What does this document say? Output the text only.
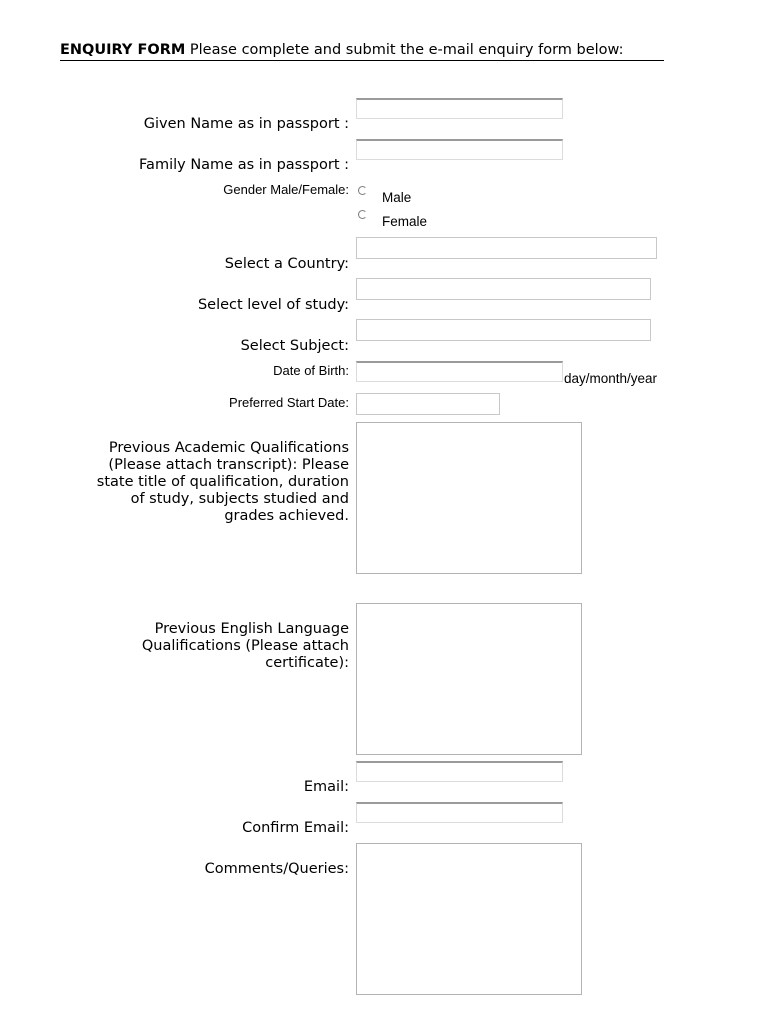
ENQUIRY FORM Please complete and submit the e-mail enquiry form below:
Given Name as in passport :
Family Name as in passport :
Gender Male/Female:
Male
Female
Select a Country:
Select level of study:
Select Subject:
Date of Birth:
day/month/year
Preferred Start Date:
Previous Academic Qualifications (Please attach transcript): Please state title of qualification, duration of study, subjects studied and grades achieved.
Previous English Language Qualifications (Please attach certificate):
Email:
Confirm Email:
Comments/Queries:
